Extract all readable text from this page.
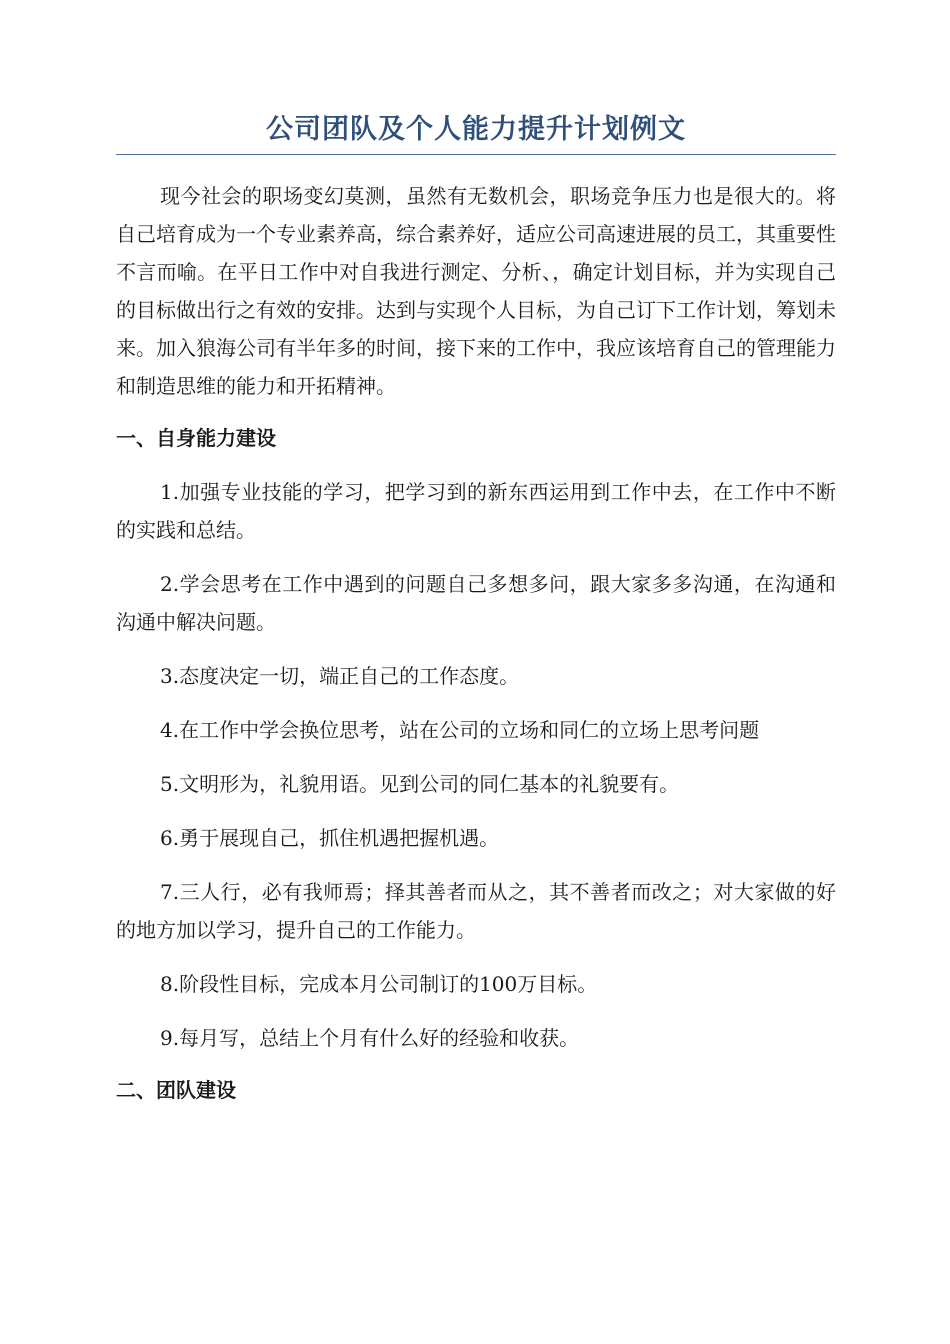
公司团队及个人能力提升计划例文

现今社会的职场变幻莫测，虽然有无数机会，职场竞争压力也是很大的。将自己培育成为一个专业素养高，综合素养好，适应公司高速进展的员工，其重要性不言而喻。在平日工作中对自我进行测定、分析、，确定计划目标，并为实现自己的目标做出行之有效的安排。达到与实现个人目标，为自己订下工作计划，筹划未来。加入狼海公司有半年多的时间，接下来的工作中，我应该培育自己的管理能力和制造思维的能力和开拓精神。

一、自身能力建设

1.加强专业技能的学习，把学习到的新东西运用到工作中去，在工作中不断的实践和总结。

2.学会思考在工作中遇到的问题自己多想多问，跟大家多多沟通，在沟通和沟通中解决问题。

3.态度决定一切，端正自己的工作态度。

4.在工作中学会换位思考，站在公司的立场和同仁的立场上思考问题

5.文明形为，礼貌用语。见到公司的同仁基本的礼貌要有。

6.勇于展现自己，抓住机遇把握机遇。

7.三人行，必有我师焉；择其善者而从之，其不善者而改之；对大家做的好的地方加以学习，提升自己的工作能力。

8.阶段性目标，完成本月公司制订的100万目标。

9.每月写，总结上个月有什么好的经验和收获。

二、团队建设
